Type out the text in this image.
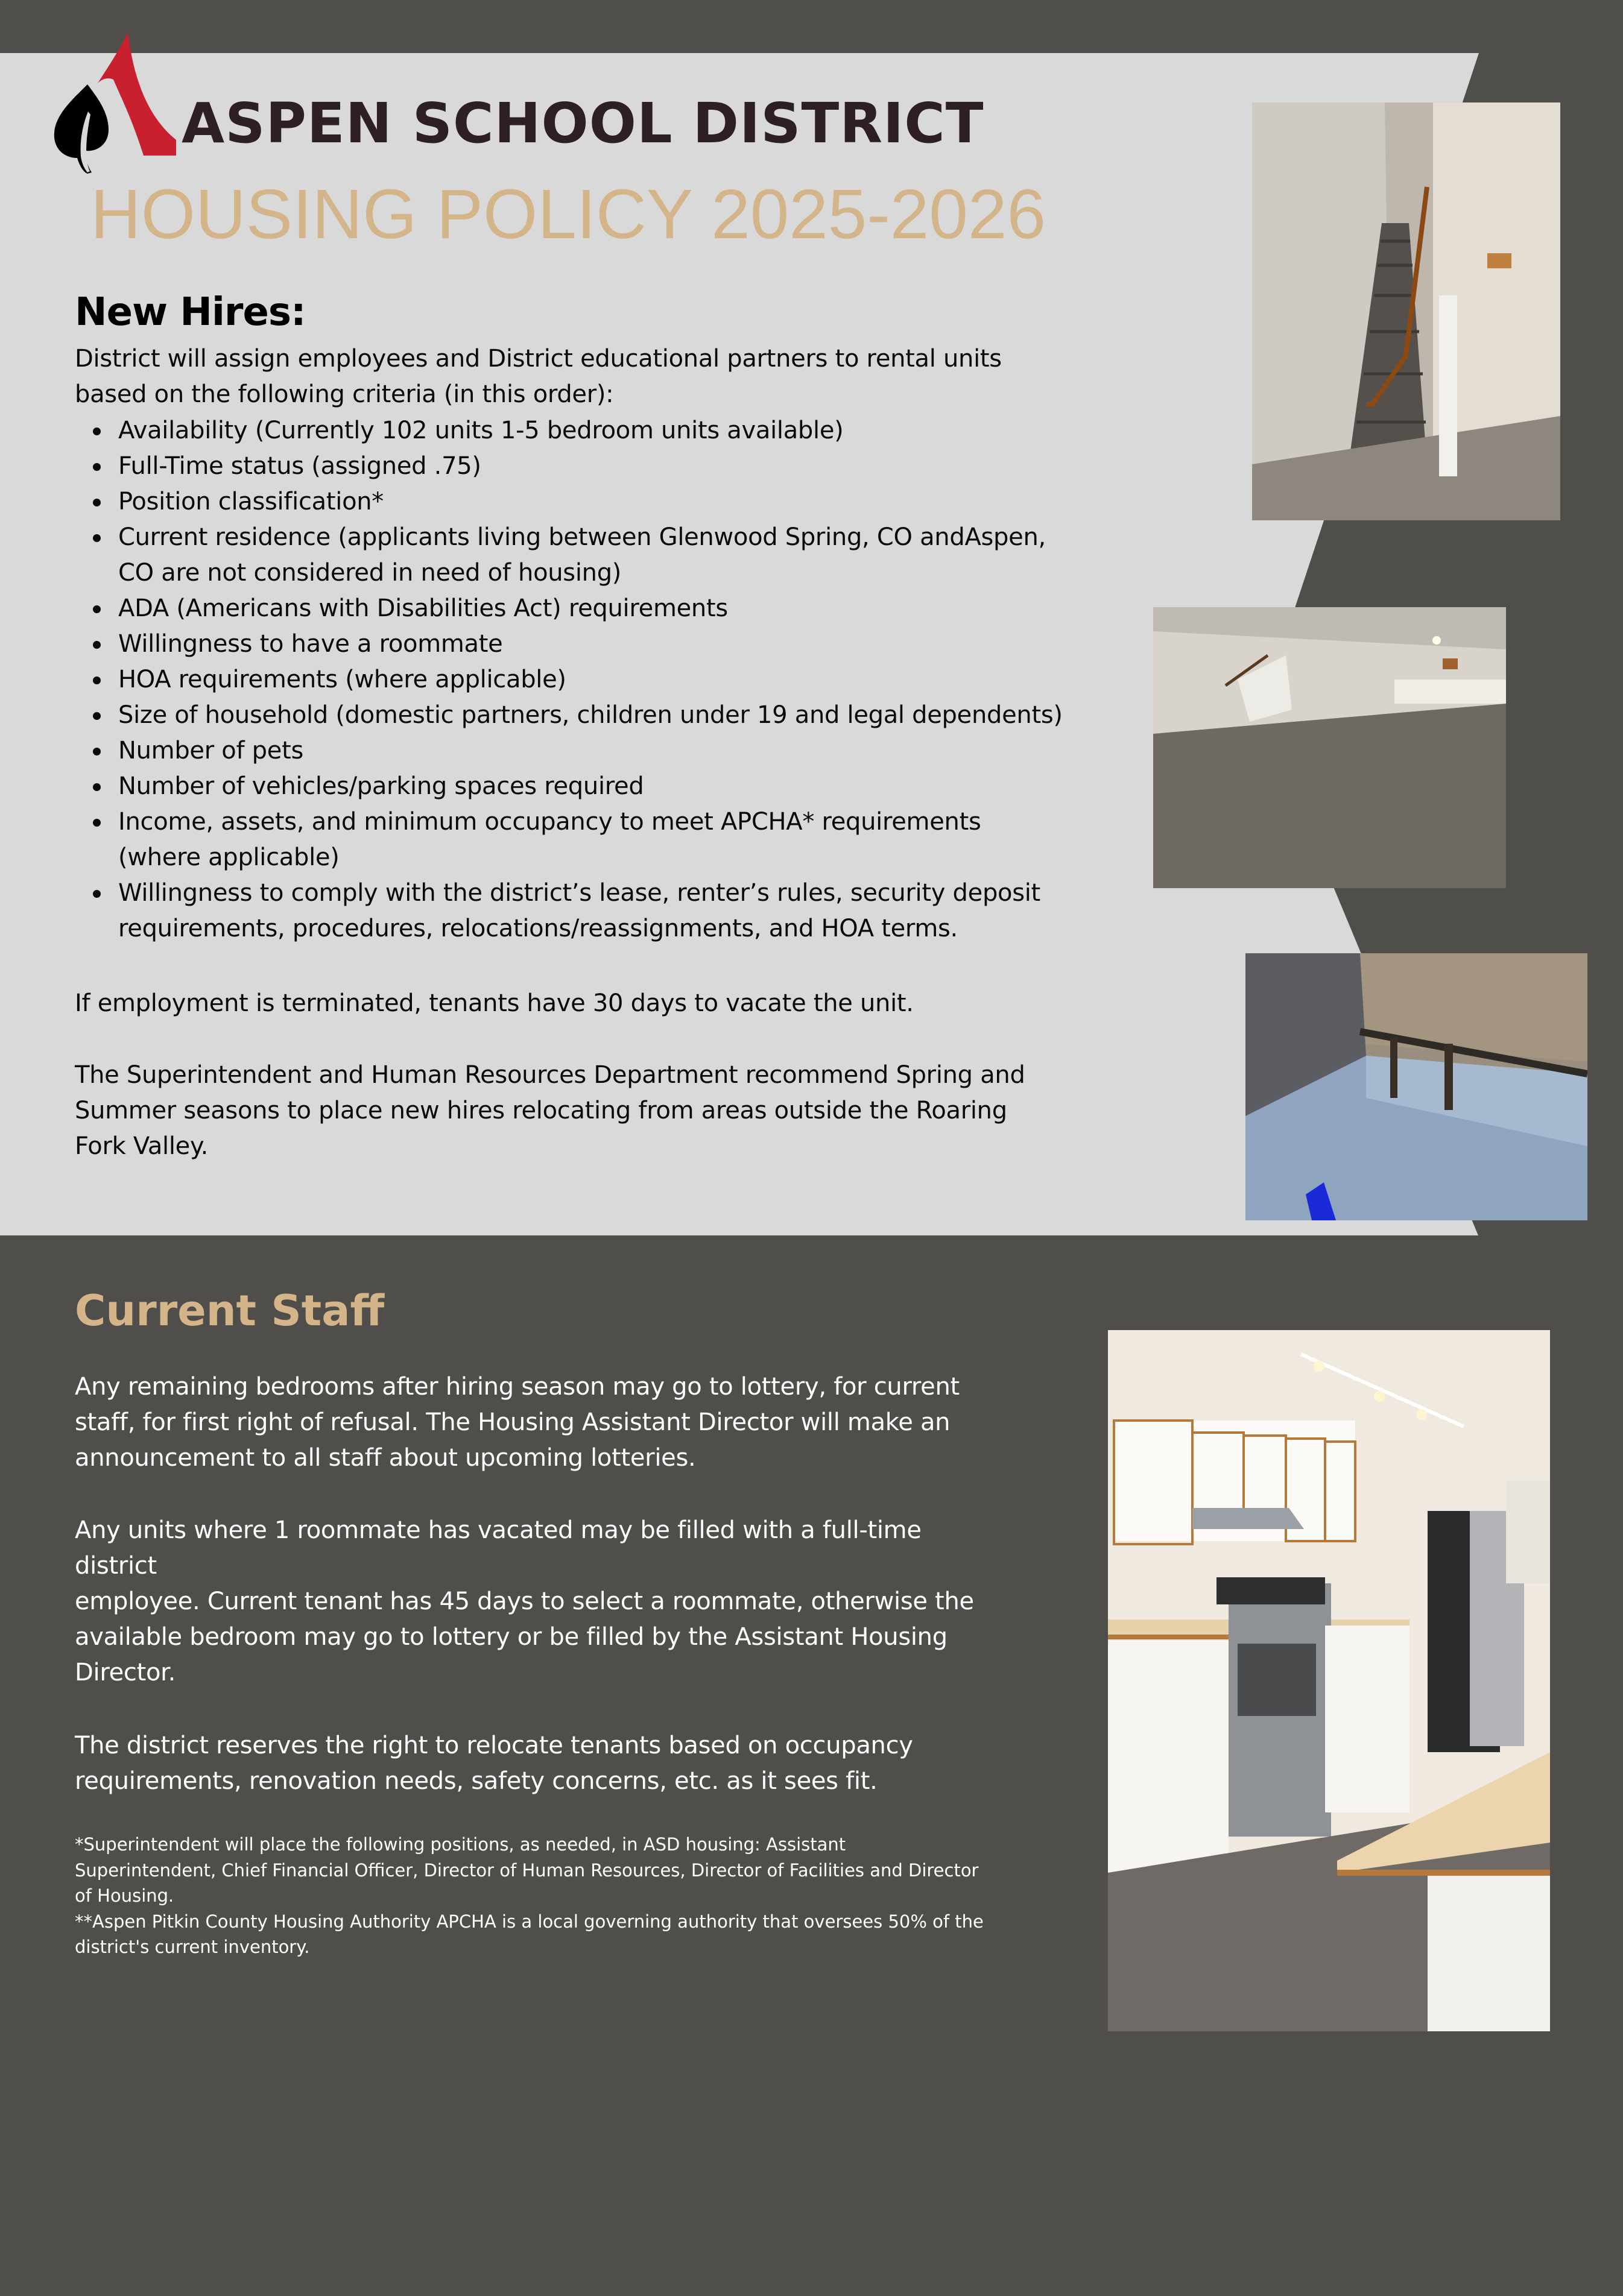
ASPEN SCHOOL DISTRICT
HOUSING POLICY 2025-2026
New Hires:
District will assign employees and District educational partners to rental units
based on the following criteria (in this order):
Availability (Currently 102 units 1-5 bedroom units available)
Full-Time status (assigned .75)
Position classification*
Current residence (applicants living between Glenwood Spring, CO andAspen,
CO are not considered in need of housing)
ADA (Americans with Disabilities Act) requirements
Willingness to have a roommate
HOA requirements (where applicable)
Size of household (domestic partners, children under 19 and legal dependents)
Number of pets
Number of vehicles/parking spaces required
Income, assets, and minimum occupancy to meet APCHA* requirements
(where applicable)
Willingness to comply with the district’s lease, renter’s rules, security deposit
requirements, procedures, relocations/reassignments, and HOA terms.
If employment is terminated, tenants have 30 days to vacate the unit.
The Superintendent and Human Resources Department recommend Spring and
Summer seasons to place new hires relocating from areas outside the Roaring
Fork Valley.
Current Staff
Any remaining bedrooms after hiring season may go to lottery, for current
staff, for first right of refusal. The Housing Assistant Director will make an
announcement to all staff about upcoming lotteries.
Any units where 1 roommate has vacated may be filled with a full-time
district
employee. Current tenant has 45 days to select a roommate, otherwise the
available bedroom may go to lottery or be filled by the Assistant Housing
Director.
The district reserves the right to relocate tenants based on occupancy
requirements, renovation needs, safety concerns, etc. as it sees fit.
*Superintendent will place the following positions, as needed, in ASD housing: Assistant
Superintendent, Chief Financial Officer, Director of Human Resources, Director of Facilities and Director
of Housing.
**Aspen Pitkin County Housing Authority APCHA is a local governing authority that oversees 50% of the
district's current inventory.
